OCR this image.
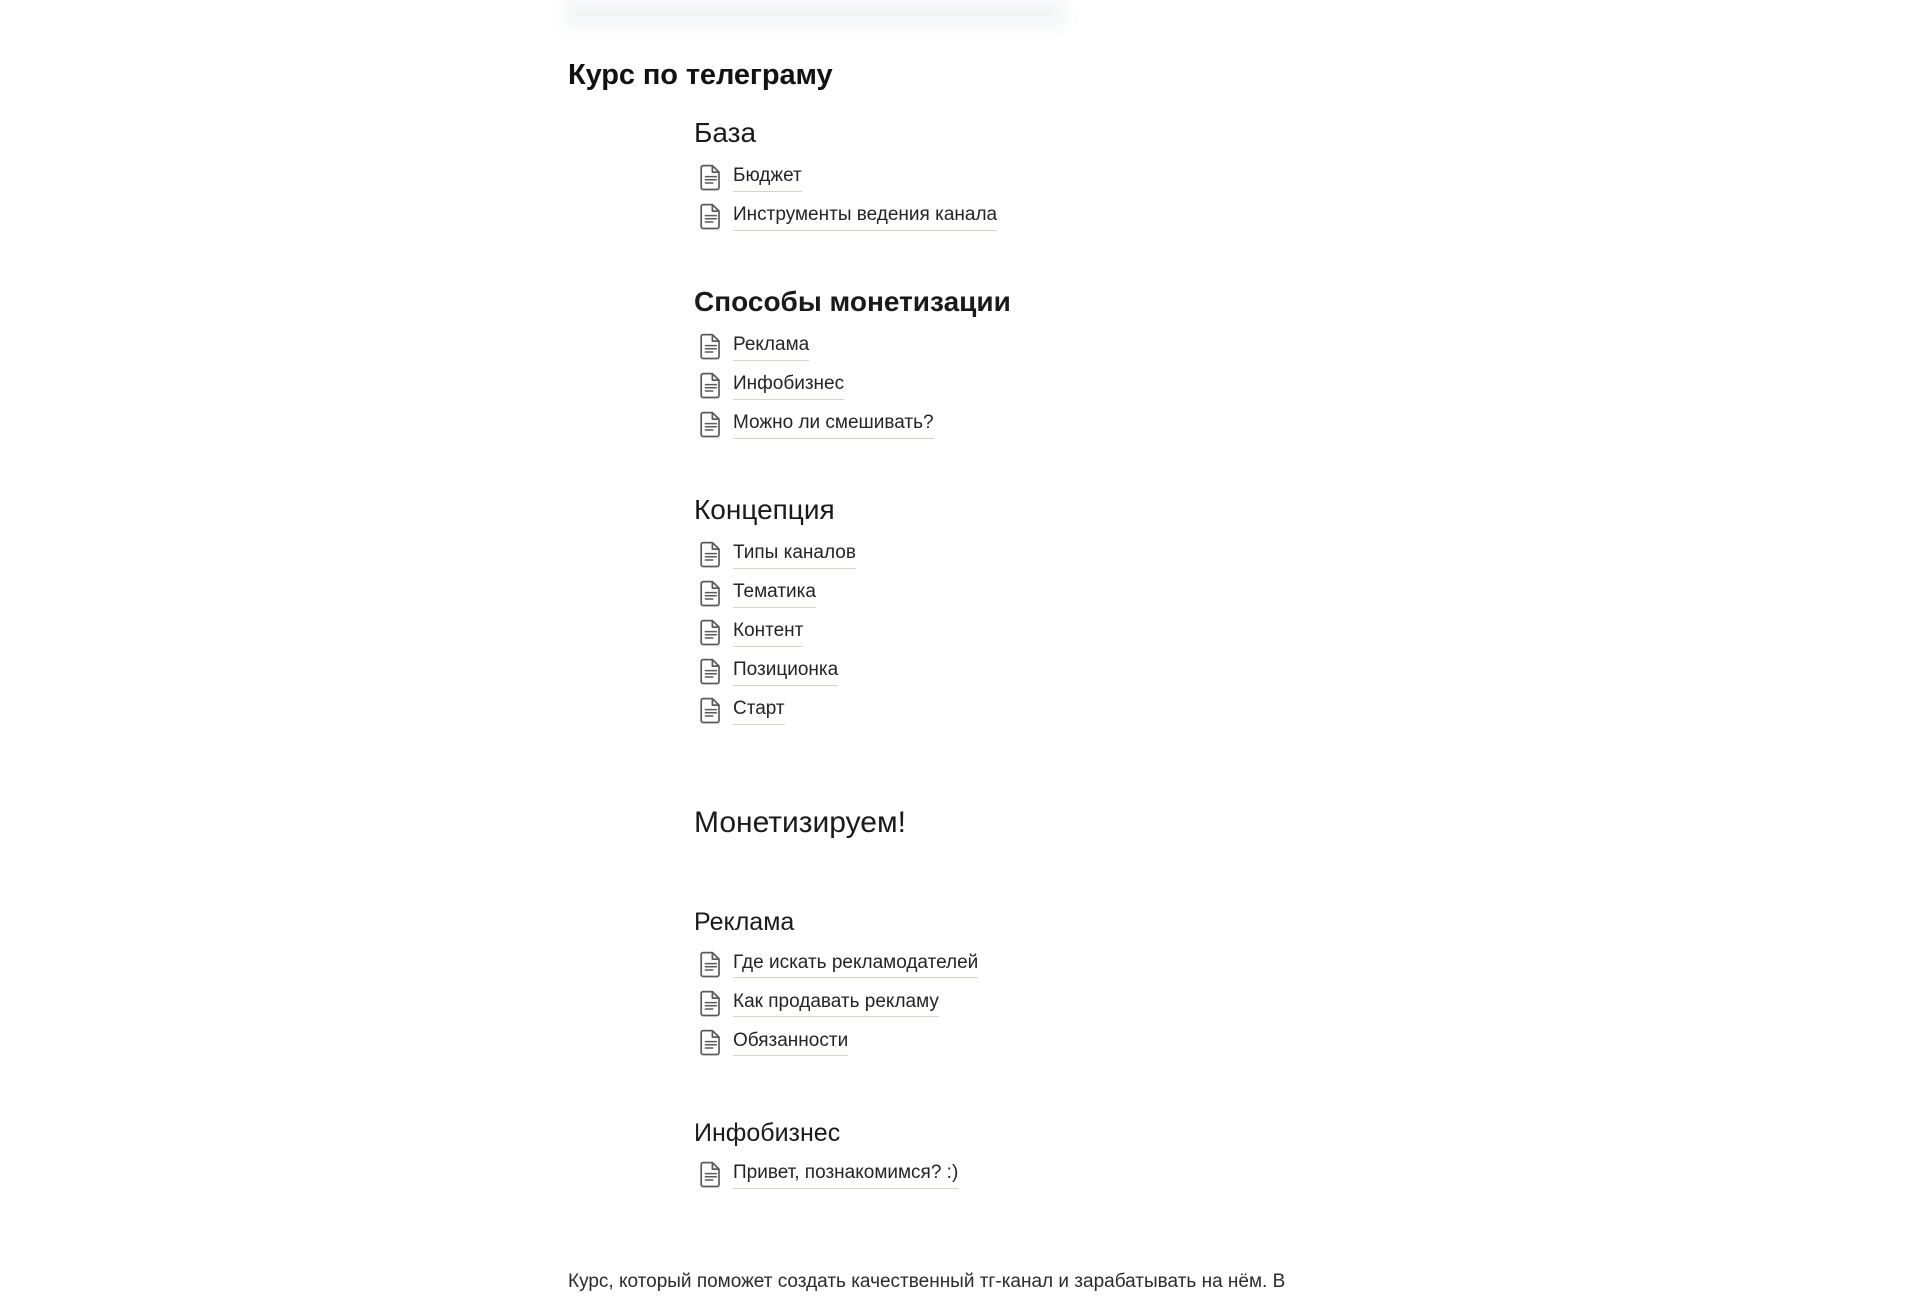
Курс по телеграму
База
Бюджет
Инструменты ведения канала
Способы монетизации
Реклама
Инфобизнес
Можно ли смешивать?
Концепция
Типы каналов
Тематика
Контент
Позиционка
Старт
Монетизируем!
Реклама
Где искать рекламодателей
Как продавать рекламу
Обязанности
Инфобизнес
Привет, познакомимся? :)
Курс, который поможет создать качественный тг-канал и зарабатывать на нём. В
